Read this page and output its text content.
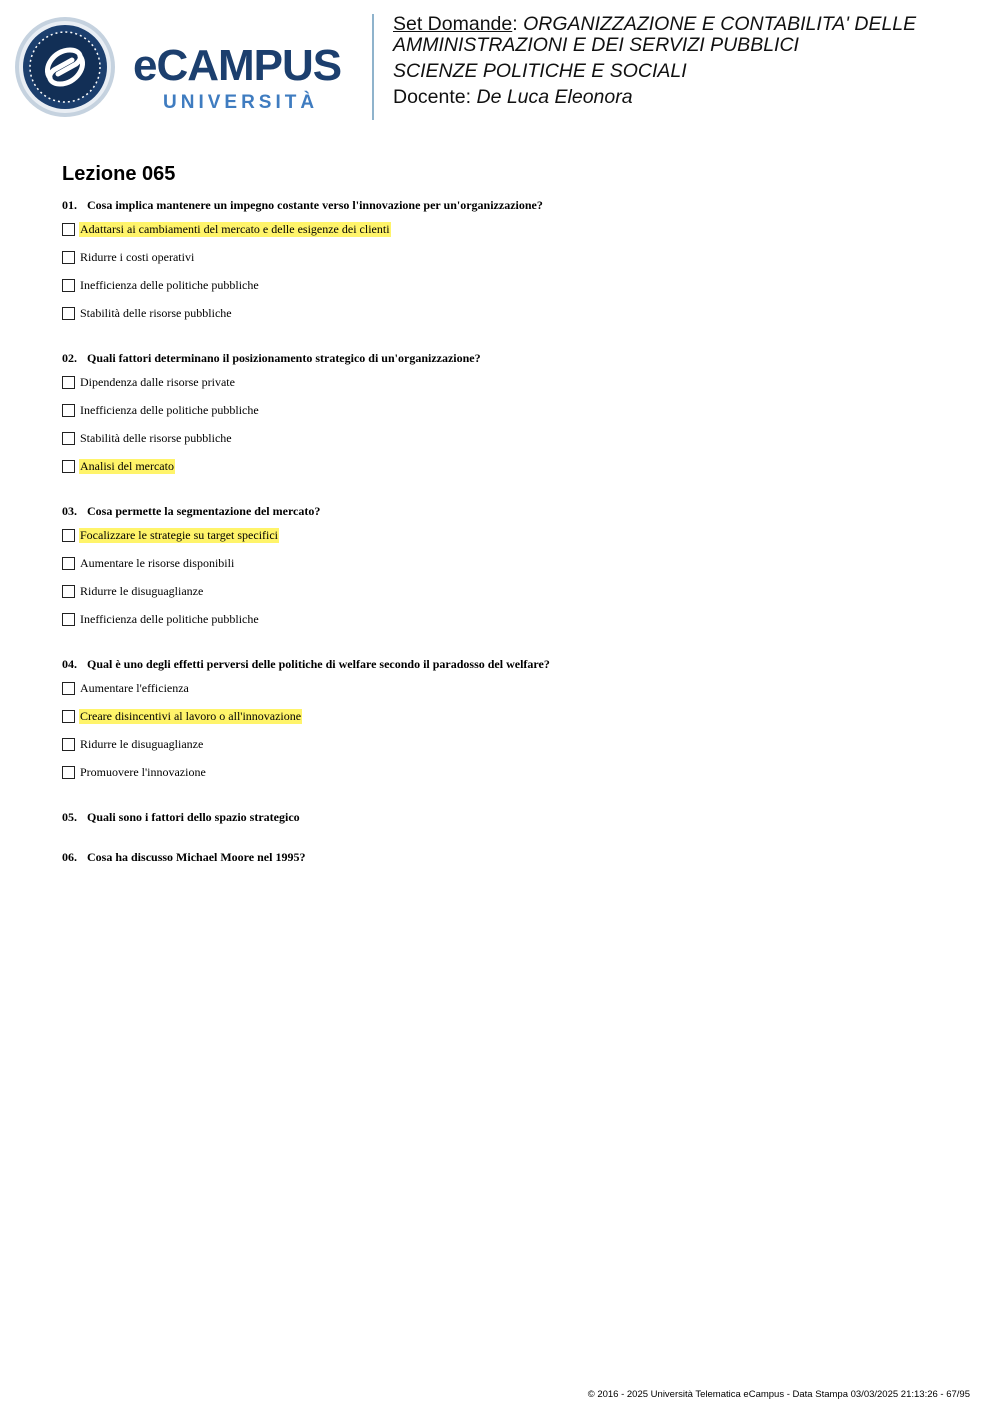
eCAMPUS
UNIVERSITÀ
Set Domande: ORGANIZZAZIONE E CONTABILITA' DELLE
AMMINISTRAZIONI E DEI SERVIZI PUBBLICI
SCIENZE POLITICHE E SOCIALI
Docente: De Luca Eleonora
Lezione 065
01. Cosa implica mantenere un impegno costante verso l'innovazione per un'organizzazione?
Adattarsi ai cambiamenti del mercato e delle esigenze dei clienti
Ridurre i costi operativi
Inefficienza delle politiche pubbliche
Stabilità delle risorse pubbliche
02. Quali fattori determinano il posizionamento strategico di un'organizzazione?
Dipendenza dalle risorse private
Inefficienza delle politiche pubbliche
Stabilità delle risorse pubbliche
Analisi del mercato
03. Cosa permette la segmentazione del mercato?
Focalizzare le strategie su target specifici
Aumentare le risorse disponibili
Ridurre le disuguaglianze
Inefficienza delle politiche pubbliche
04. Qual è uno degli effetti perversi delle politiche di welfare secondo il paradosso del welfare?
Aumentare l'efficienza
Creare disincentivi al lavoro o all'innovazione
Ridurre le disuguaglianze
Promuovere l'innovazione
05. Quali sono i fattori dello spazio strategico
06. Cosa ha discusso Michael Moore nel 1995?
© 2016 - 2025 Università Telematica eCampus - Data Stampa 03/03/2025 21:13:26 - 67/95
